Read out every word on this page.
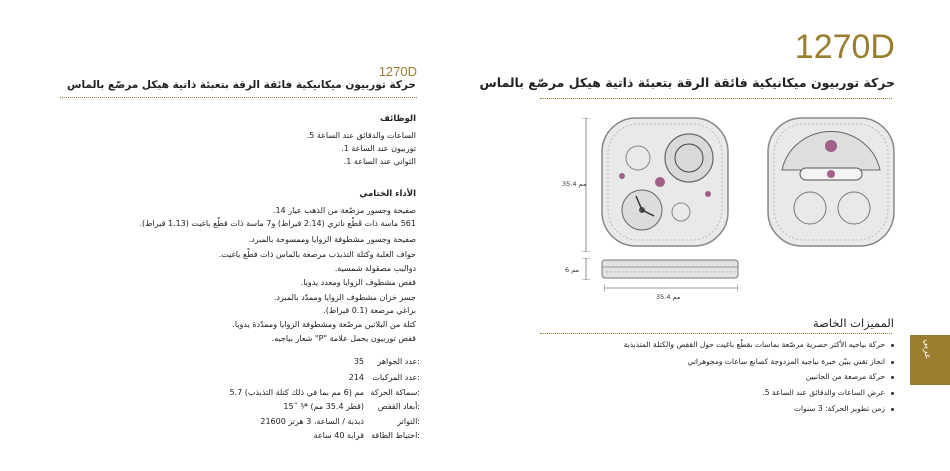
1270D
حركة توربيون ميكانيكية فائقة الرقة بتعبئة ذاتية هيكل مرصّع بالماس
الوظائف
الساعات والدقائق عند الساعة 5.
توربيون عند الساعة 1.
الثواني عند الساعة 1.
الأداء الختامي
صفيحة وجسور مرصّعة من الذهب عيار 14.
561 ماسة ذات قَطْع ناتري (2.14 قيراط) و7 ماسة ذات قطْع باغيت (1.13 قيراط).
صفيحة وجسور مشطوفة الزوايا وممسوحة بالمبرد.
حواف العلبة وكتلة التذبذب مرصعة بالماس ذات قطْع باغيت.
دواليب مصقولة شمسية.
قفص مشطوف الزوايا ومعدد يدويا.
جسر خزان مشطوف الزوايا وممدّد بالمبرد.
براغي مرصعة (0.1 قيراط).
كتلة من البلاتين مرصّعة ومشطوفة الزوايا وممدّدة يدويا.
قفص توربيون يحمل علامة "P" شعار بياجيه.
عدد الجواهر:
35
عدد المركبات:
214
سماكة الحركة:
5.7 مم (6 مم بما في ذلك كتلة التذبذب)
أبعاد القفص:
15˝ ³⁄⁴ (قطر 35.4 مم)
التواتر:
21600 ذبذبة / الساعة، 3 هرتز
احتياط الطاقة:
قرابة 40 ساعة
1270D
حركة توربيون ميكانيكية فائقة الرقة بتعبئة ذاتية هيكل مرصّع بالماس
35.4 مم
6 مم
35.4 مم
المميزات الخاصة
حركة بياجيه الأكثر حصرية مرصّعة بماسات بقطْع باغيت حول القفص والكتلة المتذبذبة
انجاز تقني يبيّن خبرة بياجيه المزدوجة كصانع ساعات ومجوهراتي
حركة مرصعة من الجانبين
عرض الساعات والدقائق عند الساعة 5.
زمن تطوير الحركة: 3 سنوات
عربي
